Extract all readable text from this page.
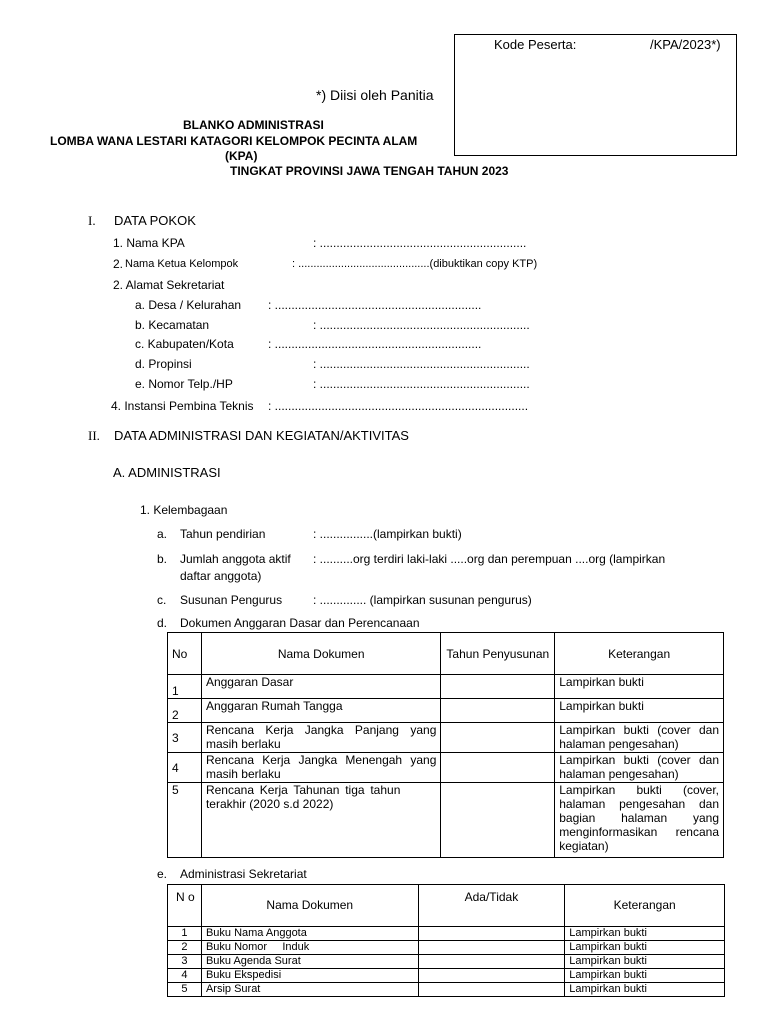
Kode Peserta:	/KPA/2023*)
*) Diisi oleh Panitia
BLANKO ADMINISTRASI
LOMBA WANA LESTARI KATAGORI KELOMPOK PECINTA ALAM
(KPA)
TINGKAT PROVINSI JAWA TENGAH TAHUN 2023
I. DATA POKOK
1. Nama KPA	: ..............................................................
2. Nama Ketua Kelompok	: ...........................................(dibuktikan copy KTP)
2. Alamat Sekretariat
a. Desa / Kelurahan : ..............................................................
b. Kecamatan	: ...............................................................
c. Kabupaten/Kota	: ..............................................................
d. Propinsi	: ...............................................................
e. Nomor Telp./HP	: ...............................................................
4. Instansi Pembina Teknis : ............................................................................
II. DATA ADMINISTRASI DAN KEGIATAN/AKTIVITAS
A. ADMINISTRASI
1. Kelembagaan
a. Tahun pendirian	: ................(lampirkan bukti)
b. Jumlah anggota aktif : ..........org terdiri laki-laki .....org dan perempuan ....org (lampirkan
daftar anggota)
c. Susunan Pengurus	: .............. (lampirkan susunan pengurus)
d. Dokumen Anggaran Dasar dan Perencanaan
No	Nama Dokumen	Tahun Penyusunan	Keterangan
1	Anggaran Dasar		Lampirkan bukti
2	Anggaran Rumah Tangga		Lampirkan bukti
3	Rencana Kerja Jangka Panjang yang masih berlaku		Lampirkan bukti (cover dan halaman pengesahan)
4	Rencana Kerja Jangka Menengah yang masih berlaku		Lampirkan bukti (cover dan halaman pengesahan)
5	Rencana Kerja Tahunan tiga tahun terakhir (2020 s.d 2022)		Lampirkan bukti (cover, halaman pengesahan dan bagian halaman yang menginformasikan rencana kegiatan)
e. Administrasi Sekretariat
N o	Nama Dokumen	Ada/Tidak	Keterangan
1	Buku Nama Anggota		Lampirkan bukti
2	Buku Nomor     Induk		Lampirkan bukti
3	Buku Agenda Surat		Lampirkan bukti
4	Buku Ekspedisi		Lampirkan bukti
5	Arsip Surat		Lampirkan bukti
